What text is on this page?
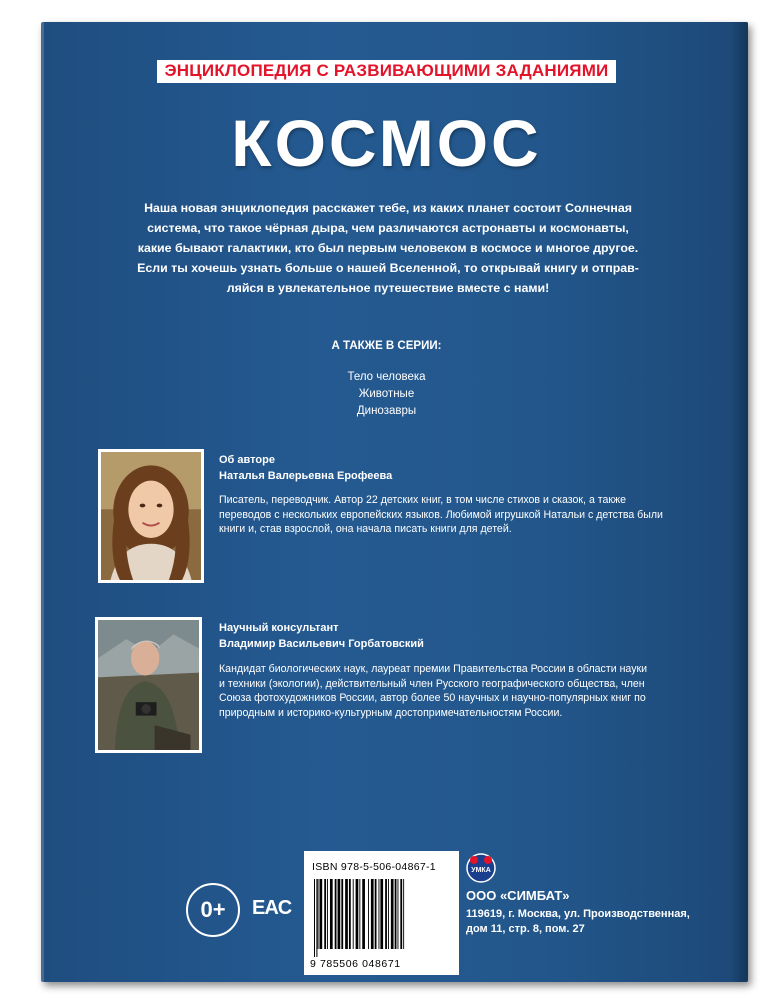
ЭНЦИКЛОПЕДИЯ С РАЗВИВАЮЩИМИ ЗАДАНИЯМИ
КОСМОС
Наша новая энциклопедия расскажет тебе, из каких планет состоит Солнечная
система, что такое чёрная дыра, чем различаются астронавты и космонавты,
какие бывают галактики, кто был первым человеком в космосе и многое другое.
Если ты хочешь узнать больше о нашей Вселенной, то открывай книгу и отправ-
ляйся в увлекательное путешествие вместе с нами!
А ТАКЖЕ В СЕРИИ:
Тело человека
Животные
Динозавры
Об авторе
Наталья Валерьевна Ерофеева
Писатель, переводчик. Автор 22 детских книг, в том числе стихов и сказок, а также
переводов с нескольких европейских языков. Любимой игрушкой Натальи с детства были
книги и, став взрослой, она начала писать книги для детей.
Научный консультант
Владимир Васильевич Горбатовский
Кандидат биологических наук, лауреат премии Правительства России в области науки
и техники (экологии), действительный член Русского географического общества, член
Союза фотохудожников России, автор более 50 научных и научно-популярных книг по
природным и историко-культурным достопримечательностям России.
0+	EAC
ISBN 978-5-506-04867-1
9 785506 048671
УМКА
ООО «СИМБАТ»
119619, г. Москва, ул. Производственная,
дом 11, стр. 8, пом. 27
